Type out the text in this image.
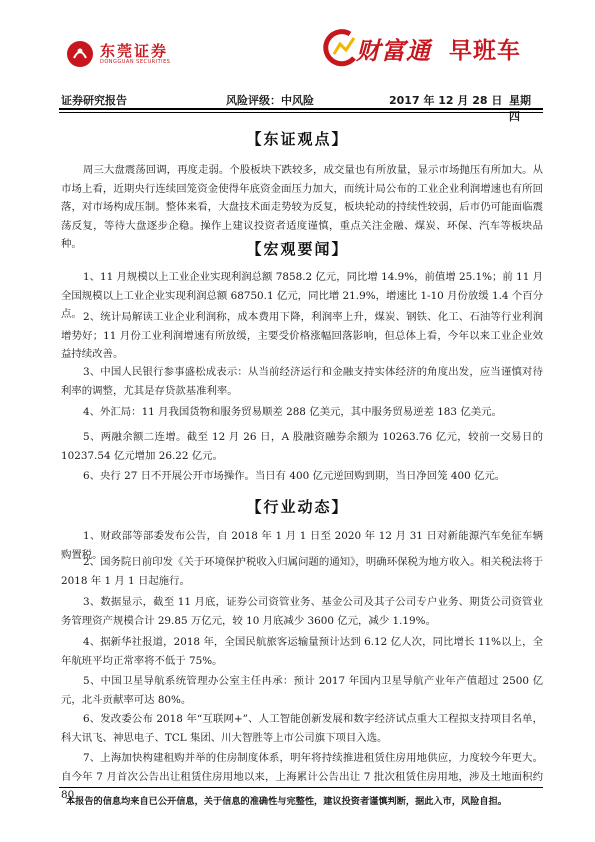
东莞证券
DONGGUAN SECURITIES	财富通 早班车
证券研究报告	风险评级：中风险	2017 年 12 月 28 日 星期四
【东证观点】

周三大盘震荡回调，再度走弱。个股板块下跌较多，成交量也有所放量，显示市场抛压有所加大。从市场上看，近期央行连续回笼资金使得年底资金面压力加大，而统计局公布的工业企业利润增速也有所回落，对市场构成压制。整体来看，大盘技术面走势较为反复，板块轮动的持续性较弱，后市仍可能面临震荡反复，等待大盘逐步企稳。操作上建议投资者适度谨慎，重点关注金融、煤炭、环保、汽车等板块品种。	【宏观要闻】

1、11 月规模以上工业企业实现利润总额 7858.2 亿元，同比增 14.9%，前值增 25.1%；前 11 月全国规模以上工业企业实现利润总额 68750.1 亿元，同比增 21.9%，增速比 1-10 月份放缓 1.4 个百分点。 2、统计局解读工业企业利润称，成本费用下降，利润率上升，煤炭、钢铁、化工、石油等行业利润增势好；11 月份工业利润增速有所放缓，主要受价格涨幅回落影响，但总体上看，今年以来工业企业效益持续改善。

3、中国人民银行参事盛松成表示：从当前经济运行和金融支持实体经济的角度出发，应当谨慎对待利率的调整，尤其是存贷款基准利率。

4、外汇局：11 月我国货物和服务贸易顺差 288 亿美元，其中服务贸易逆差 183 亿美元。

5、两融余额二连增。截至 12 月 26 日，A 股融资融券余额为 10263.76 亿元，较前一交易日的 10237.54 亿元增加 26.22 亿元。

6、央行 27 日不开展公开市场操作。当日有 400 亿元逆回购到期，当日净回笼 400 亿元。

【行业动态】

1、财政部等部委发布公告，自 2018 年 1 月 1 日至 2020 年 12 月 31 日对新能源汽车免征车辆购置税。

2、国务院日前印发《关于环境保护税收入归属问题的通知》，明确环保税为地方收入。相关税法将于 2018 年 1 月 1 日起施行。

3、数据显示，截至 11 月底，证券公司资管业务、基金公司及其子公司专户业务、期货公司资管业务管理资产规模合计 29.85 万亿元，较 10 月底减少 3600 亿元，减少 1.19%。

4、据新华社报道，2018 年，全国民航旅客运输量预计达到 6.12 亿人次，同比增长 11%以上，全年航班平均正常率将不低于 75%。

5、中国卫星导航系统管理办公室主任冉承：预计 2017 年国内卫星导航产业年产值超过 2500 亿元，北斗贡献率可达 80%。

6、发改委公布 2018 年“互联网+”、人工智能创新发展和数字经济试点重大工程拟支持项目名单，科大讯飞、神思电子、TCL 集团、川大智胜等上市公司旗下项目入选。

7、上海加快构建租购并举的住房制度体系，明年将持续推进租赁住房用地供应，力度较今年更大。自今年 7 月首次公告出让租赁住房用地以来，上海累计公告出让 7 批次租赁住房用地，涉及土地面积约 80

本报告的信息均来自已公开信息，关于信息的准确性与完整性，建议投资者谨慎判断，据此入市，风险自担。
